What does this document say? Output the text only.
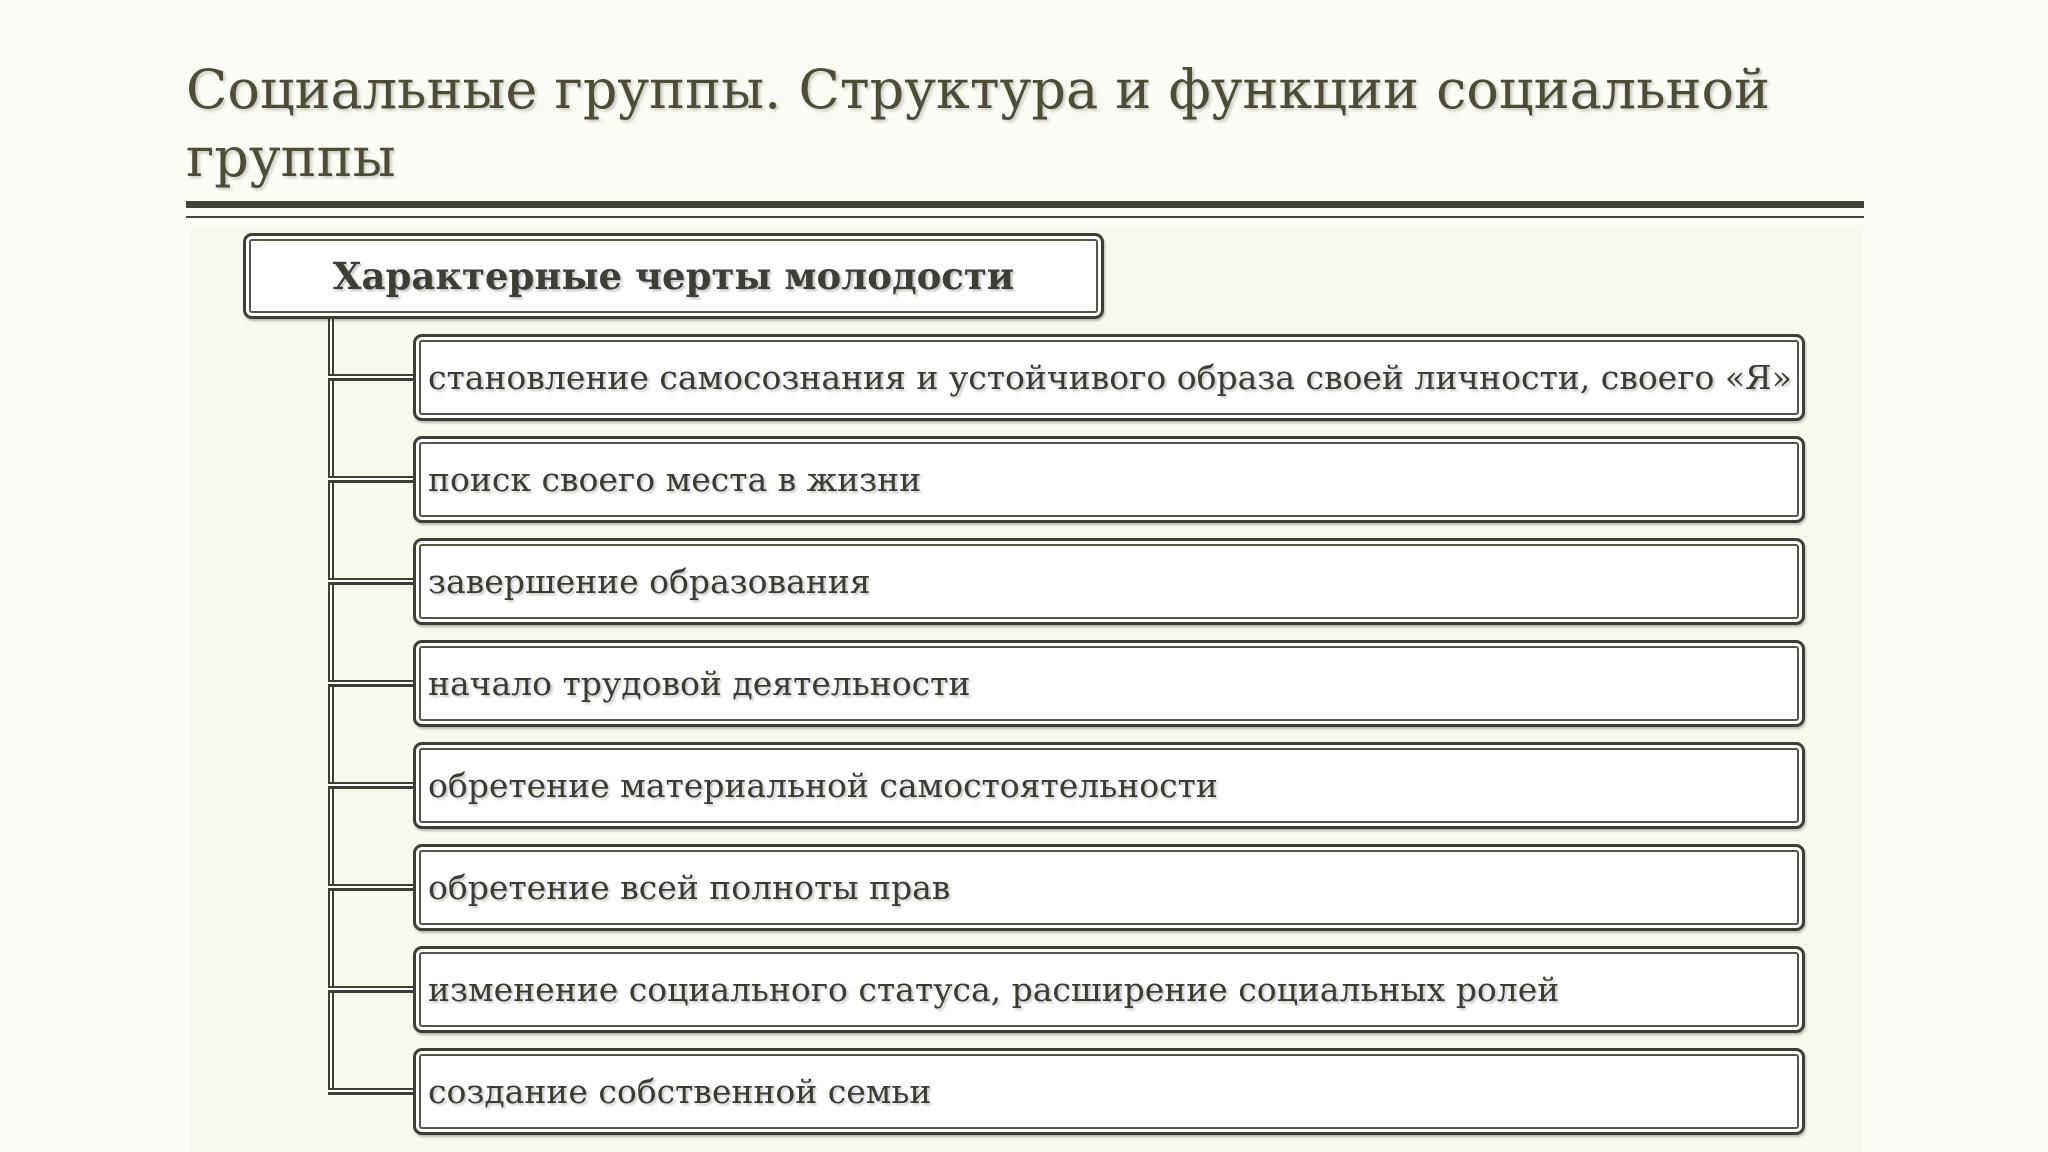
Социальные группы. Структура и функции социальной группы
Характерные черты молодости
становление самосознания и устойчивого образа своей личности, своего «Я»
поиск своего места в жизни
завершение образования
начало трудовой деятельности
обретение материальной самостоятельности
обретение всей полноты прав
изменение социального статуса, расширение социальных ролей
создание собственной семьи
